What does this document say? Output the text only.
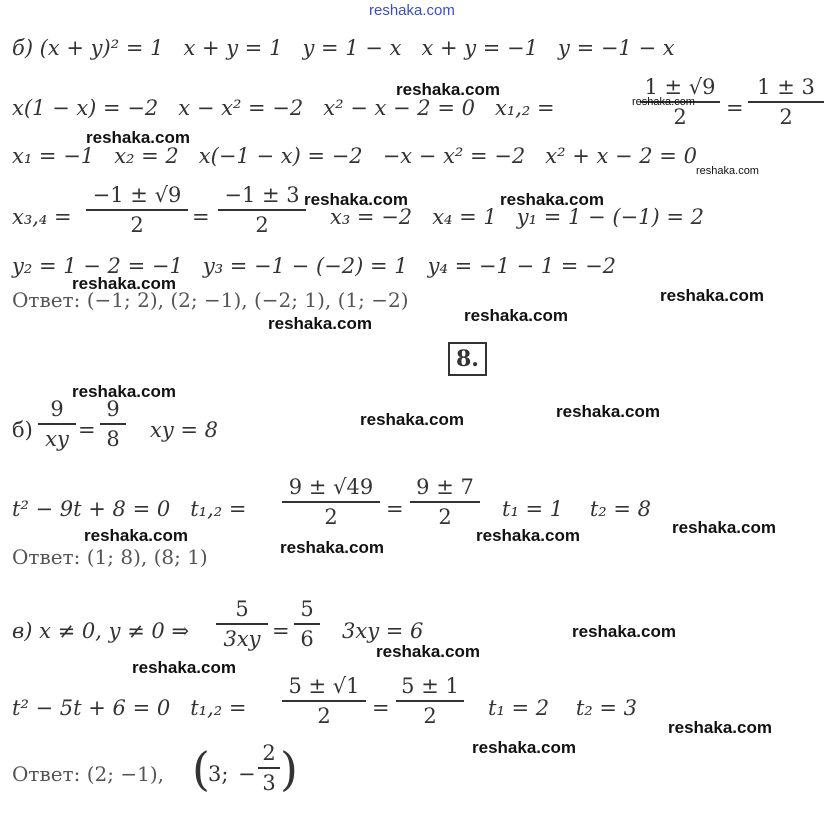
reshaka.com
б) (x + y)² = 1   x + y = 1   y = 1 − x   x + y = −1   y = −1 − x
x(1 − x) = −2   x − x² = −2   x² − x − 2 = 0   x₁,₂ =
1 ± √9
2	=
1 ± 3
2
x₁ = −1   x₂ = 2   x(−1 − x) = −2   −x − x² = −2   x² + x − 2 = 0
x₃,₄ =
−1 ± √9
2	=
−1 ± 3
2	x₃ = −2   x₄ = 1   y₁ = 1 − (−1) = 2
y₂ = 1 − 2 = −1   y₃ = −1 − (−2) = 1   y₄ = −1 − 1 = −2
Ответ: (−1; 2), (2; −1), (−2; 1), (1; −2)
8.
б)
9
xy =
9
8	xy = 8
t² − 9t + 8 = 0   t₁,₂ =
9 ± √49
2	=
9 ± 7
2	t₁ = 1    t₂ = 8
Ответ: (1; 8), (8; 1)
в) x ≠ 0, y ≠ 0 ⇒
5
3xy =
5
6	3xy = 6
t² − 5t + 6 = 0   t₁,₂ =
5 ± √1
2	=
5 ± 1
2	t₁ = 2    t₂ = 3
Ответ: (2; −1), (
3; −
2
3 )
reshaka.com
reshaka.com
reshaka.com
reshaka.com
reshaka.com	reshaka.com
reshaka.com
reshaka.com
reshaka.com
reshaka.com
reshaka.com
reshaka.com
reshaka.com
reshaka.com
reshaka.com	reshaka.com
reshaka.com
reshaka.com
reshaka.com
reshaka.com
reshaka.com
reshaka.com
